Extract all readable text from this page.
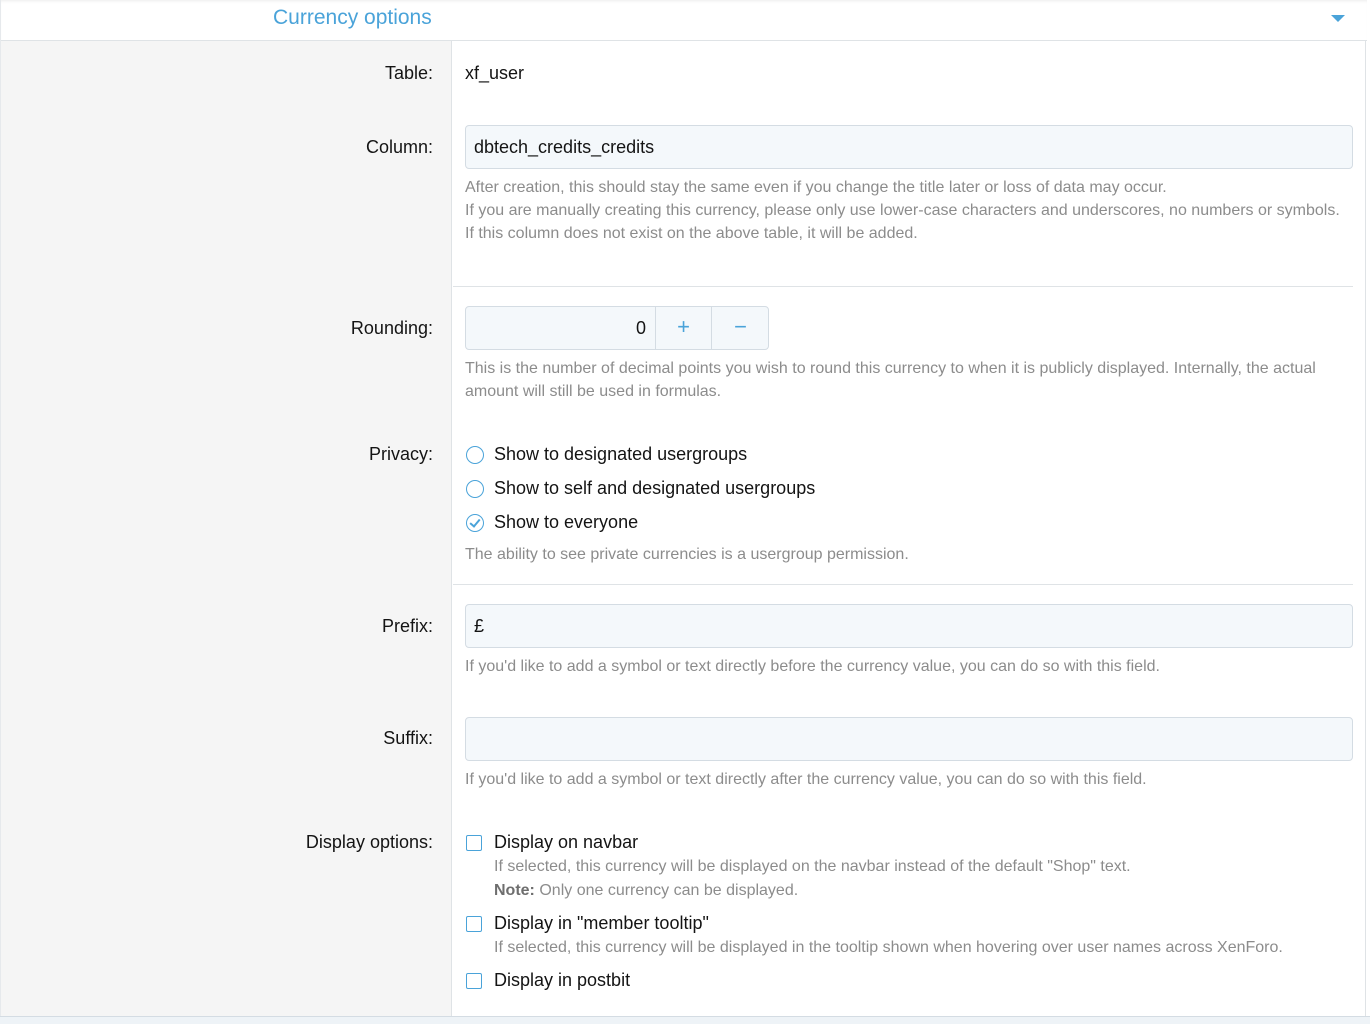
Currency options
Table: xf_user
Column:
dbtech_credits_credits
After creation, this should stay the same even if you change the title later or loss of data may occur.
If you are manually creating this currency, please only use lower-case characters and underscores, no numbers or symbols.
If this column does not exist on the above table, it will be added.
Rounding:	0	+	−
This is the number of decimal points you wish to round this currency to when it is publicly displayed. Internally, the actual amount will still be used in formulas.
Privacy:	Show to designated usergroups
Show to self and designated usergroups
Show to everyone
The ability to see private currencies is a usergroup permission.
Prefix:
£
If you'd like to add a symbol or text directly before the currency value, you can do so with this field.
Suffix:
If you'd like to add a symbol or text directly after the currency value, you can do so with this field.
Display options:	Display on navbar
If selected, this currency will be displayed on the navbar instead of the default "Shop" text.
Note: Only one currency can be displayed.
Display in "member tooltip"
If selected, this currency will be displayed in the tooltip shown when hovering over user names across XenForo.
Display in postbit
